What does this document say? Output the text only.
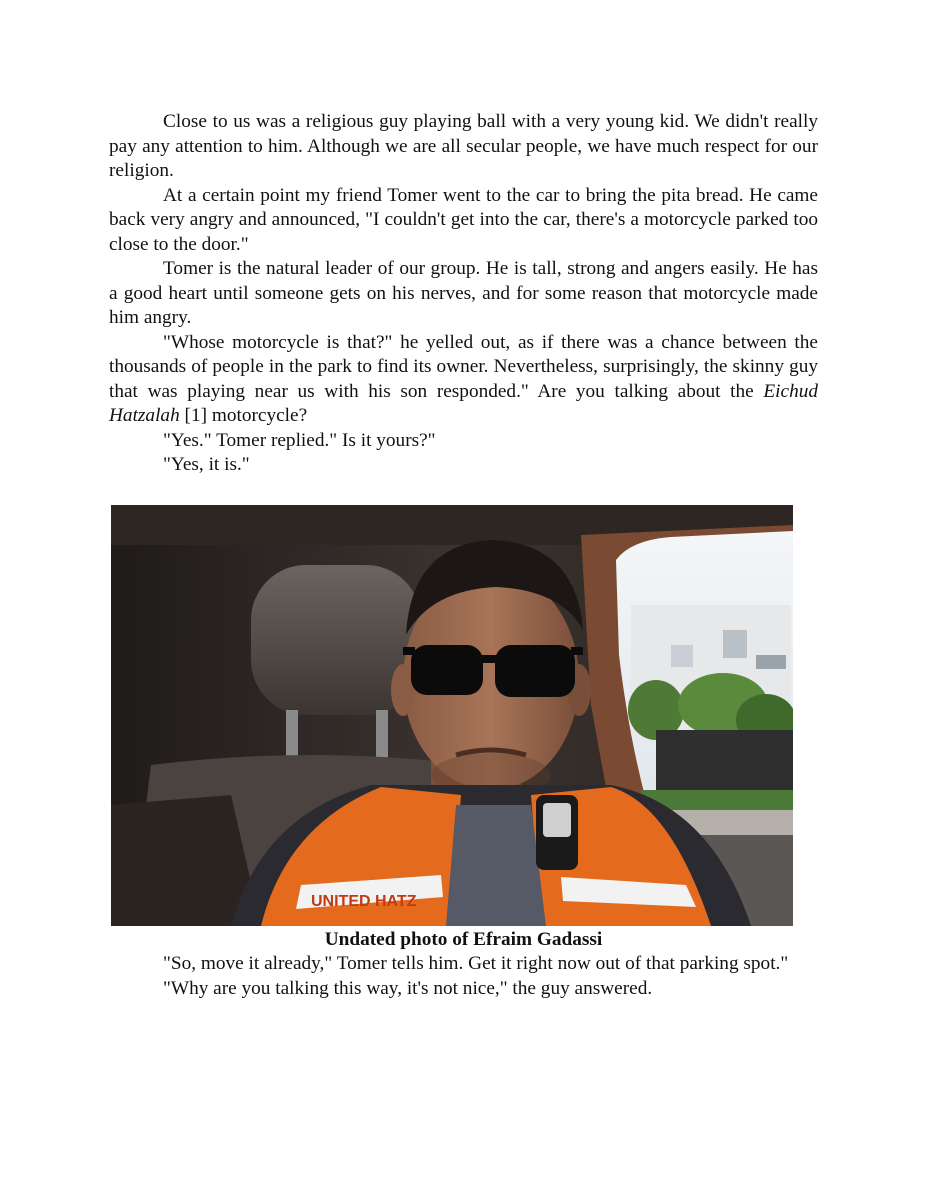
Close to us was a religious guy playing ball with a very young kid. We didn't really pay any attention to him. Although we are all secular people, we have much respect for our religion.

At a certain point my friend Tomer went to the car to bring the pita bread. He came back very angry and announced, "I couldn't get into the car, there's a motorcycle parked too close to the door."

Tomer is the natural leader of our group. He is tall, strong and angers easily. He has a good heart until someone gets on his nerves, and for some reason that motorcycle made him angry.

"Whose motorcycle is that?" he yelled out, as if there was a chance between the thousands of people in the park to find its owner. Nevertheless, surprisingly, the skinny guy that was playing near us with his son responded." Are you talking about the Eichud Hatzalah [1] motorcycle?

"Yes." Tomer replied." Is it yours?"

"Yes, it is."

UNITED HATZ
Undated photo of Efraim Gadassi

"So, move it already," Tomer tells him. Get it right now out of that parking spot."

"Why are you talking this way, it's not nice," the guy answered.
